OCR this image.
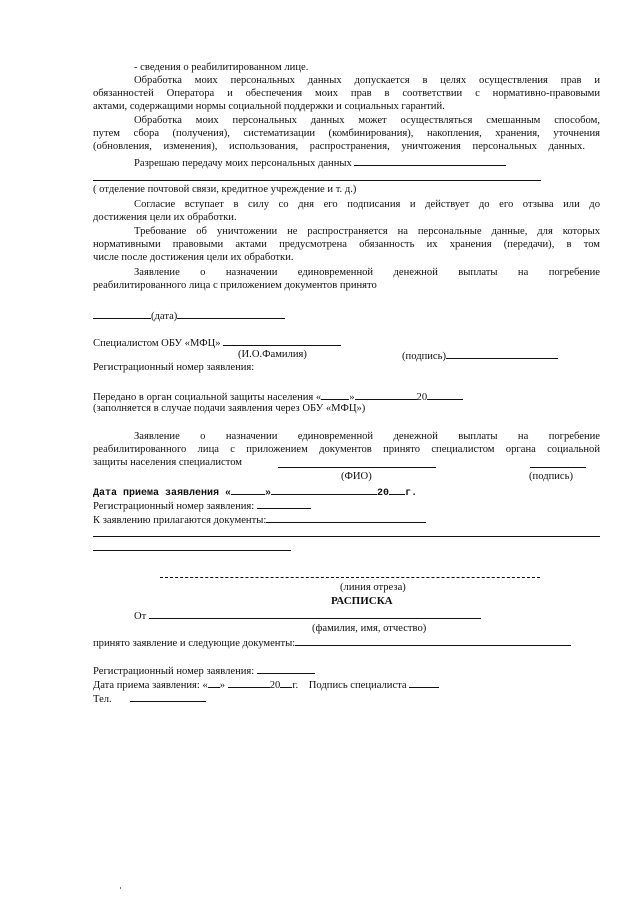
- сведения о реабилитированном лице.
Обработка моих персональных данных допускается в целях осуществления прав и
обязанностей Оператора и обеспечения моих прав в соответствии с нормативно-правовыми
актами, содержащими нормы социальной поддержки и социальных гарантий.
Обработка моих персональных данных может осуществляться смешанным способом,
путем сбора (получения), систематизации (комбинирования), накопления, хранения, уточнения
(обновления, изменения), использования, распространения, уничтожения персональных данных.
Разрешаю передачу моих персональных данных
( отделение почтовой связи, кредитное учреждение и т. д.)
Согласие вступает в силу со дня его подписания и действует до его отзыва или до
достижения цели их обработки.
Требование об уничтожении не распространяется на персональные данные, для которых
нормативными правовыми актами предусмотрена обязанность их хранения (передачи), в том
числе после достижения цели их обработки.
Заявление о назначении единовременной денежной выплаты на погребение
реабилитированного лица с приложением документов принято
(дата)
Специалистом ОБУ «МФЦ»
(И.О.Фамилия)	(подпись)
Регистрационный номер заявления:
Передано в орган социальной защиты населения «	»	20
(заполняется в случае подачи заявления через ОБУ «МФЦ»)
Заявление о назначении единовременной денежной выплаты на погребение
реабилитированного лица с приложением документов принято специалистом органа социальной
защиты населения специалистом
(ФИО)	(подпись)
Дата приема заявления «	»	20 г.
Регистрационный номер заявления:
К заявлению прилагаются документы:
(линия отреза)
РАСПИСКА
От
(фамилия, имя, отчество)
принято заявление и следующие документы:
Регистрационный номер заявления:
Дата приема заявления: « »	20 г. Подпись специалиста
Тел.
